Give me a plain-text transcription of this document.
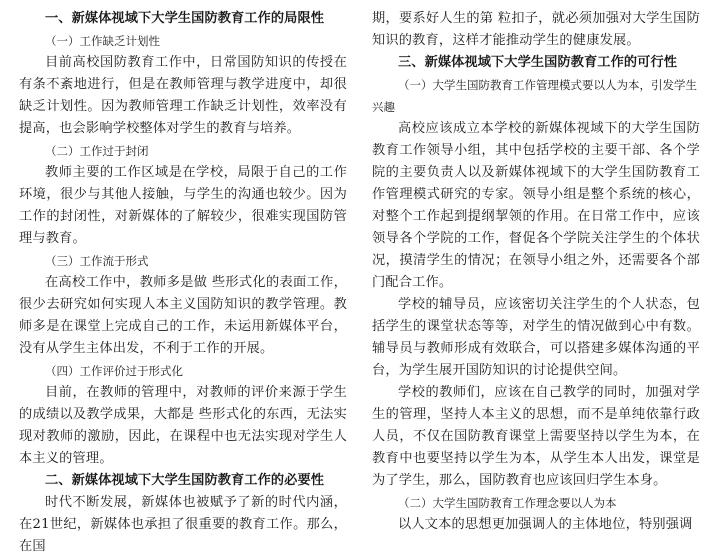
一、新媒体视域下大学生国防教育工作的局限性
（一）工作缺乏计划性

目前高校国防教育工作中，日常国防知识的传授在有条不紊地进行，但是在教师管理与教学进度中，却很缺乏计划性。因为教师管理工作缺乏计划性，效率没有提高，也会影响学校整体对学生的教育与培养。

（二）工作过于封闭

教师主要的工作区域是在学校，局限于自己的工作环境，很少与其他人接触，与学生的沟通也较少。因为工作的封闭性，对新媒体的了解较少，很难实现国防管理与教育。

（三）工作流于形式

在高校工作中，教师多是做 些形式化的表面工作，很少去研究如何实现人本主义国防知识的教学管理。教师多是在课堂上完成自己的工作，未运用新媒体平台，没有从学生主体出发，不利于工作的开展。

（四）工作评价过于形式化

目前，在教师的管理中，对教师的评价来源于学生的成绩以及教学成果，大都是 些形式化的东西，无法实现对教师的激励，因此，在课程中也无法实现对学生人本主义的管理。

二、新媒体视域下大学生国防教育工作的必要性

时代不断发展，新媒体也被赋予了新的时代内涵，在21世纪，新媒体也承担了很重要的教育工作。那么，在国

期，要系好人生的第 粒扣子，就必须加强对大学生国防知识的教育，这样才能推动学生的健康发展。

三、新媒体视域下大学生国防教育工作的可行性
（一）大学生国防教育工作管理模式要以人为本，引发学生兴趣

高校应该成立本学校的新媒体视域下的大学生国防教育工作领导小组，其中包括学校的主要干部、各个学院的主要负责人以及新媒体视域下的大学生国防教育工作管理模式研究的专家。领导小组是整个系统的核心，对整个工作起到提纲挈领的作用。在日常工作中，应该领导各个学院的工作，督促各个学院关注学生的个体状况，摸清学生的情况；在领导小组之外，还需要各个部门配合工作。

学校的辅导员，应该密切关注学生的个人状态，包括学生的课堂状态等等，对学生的情况做到心中有数。辅导员与教师形成有效联合，可以搭建多媒体沟通的平台，为学生展开国防知识的讨论提供空间。

学校的教师们，应该在自己教学的同时，加强对学生的管理，坚持人本主义的思想，而不是单纯依靠行政人员，不仅在国防教育课堂上需要坚持以学生为本，在教育中也要坚持以学生为本，从学生本人出发，课堂是为了学生，那么，国防教育也应该回归学生本身。

（二）大学生国防教育工作理念要以人为本

以人文本的思想更加强调人的主体地位，特别强调
